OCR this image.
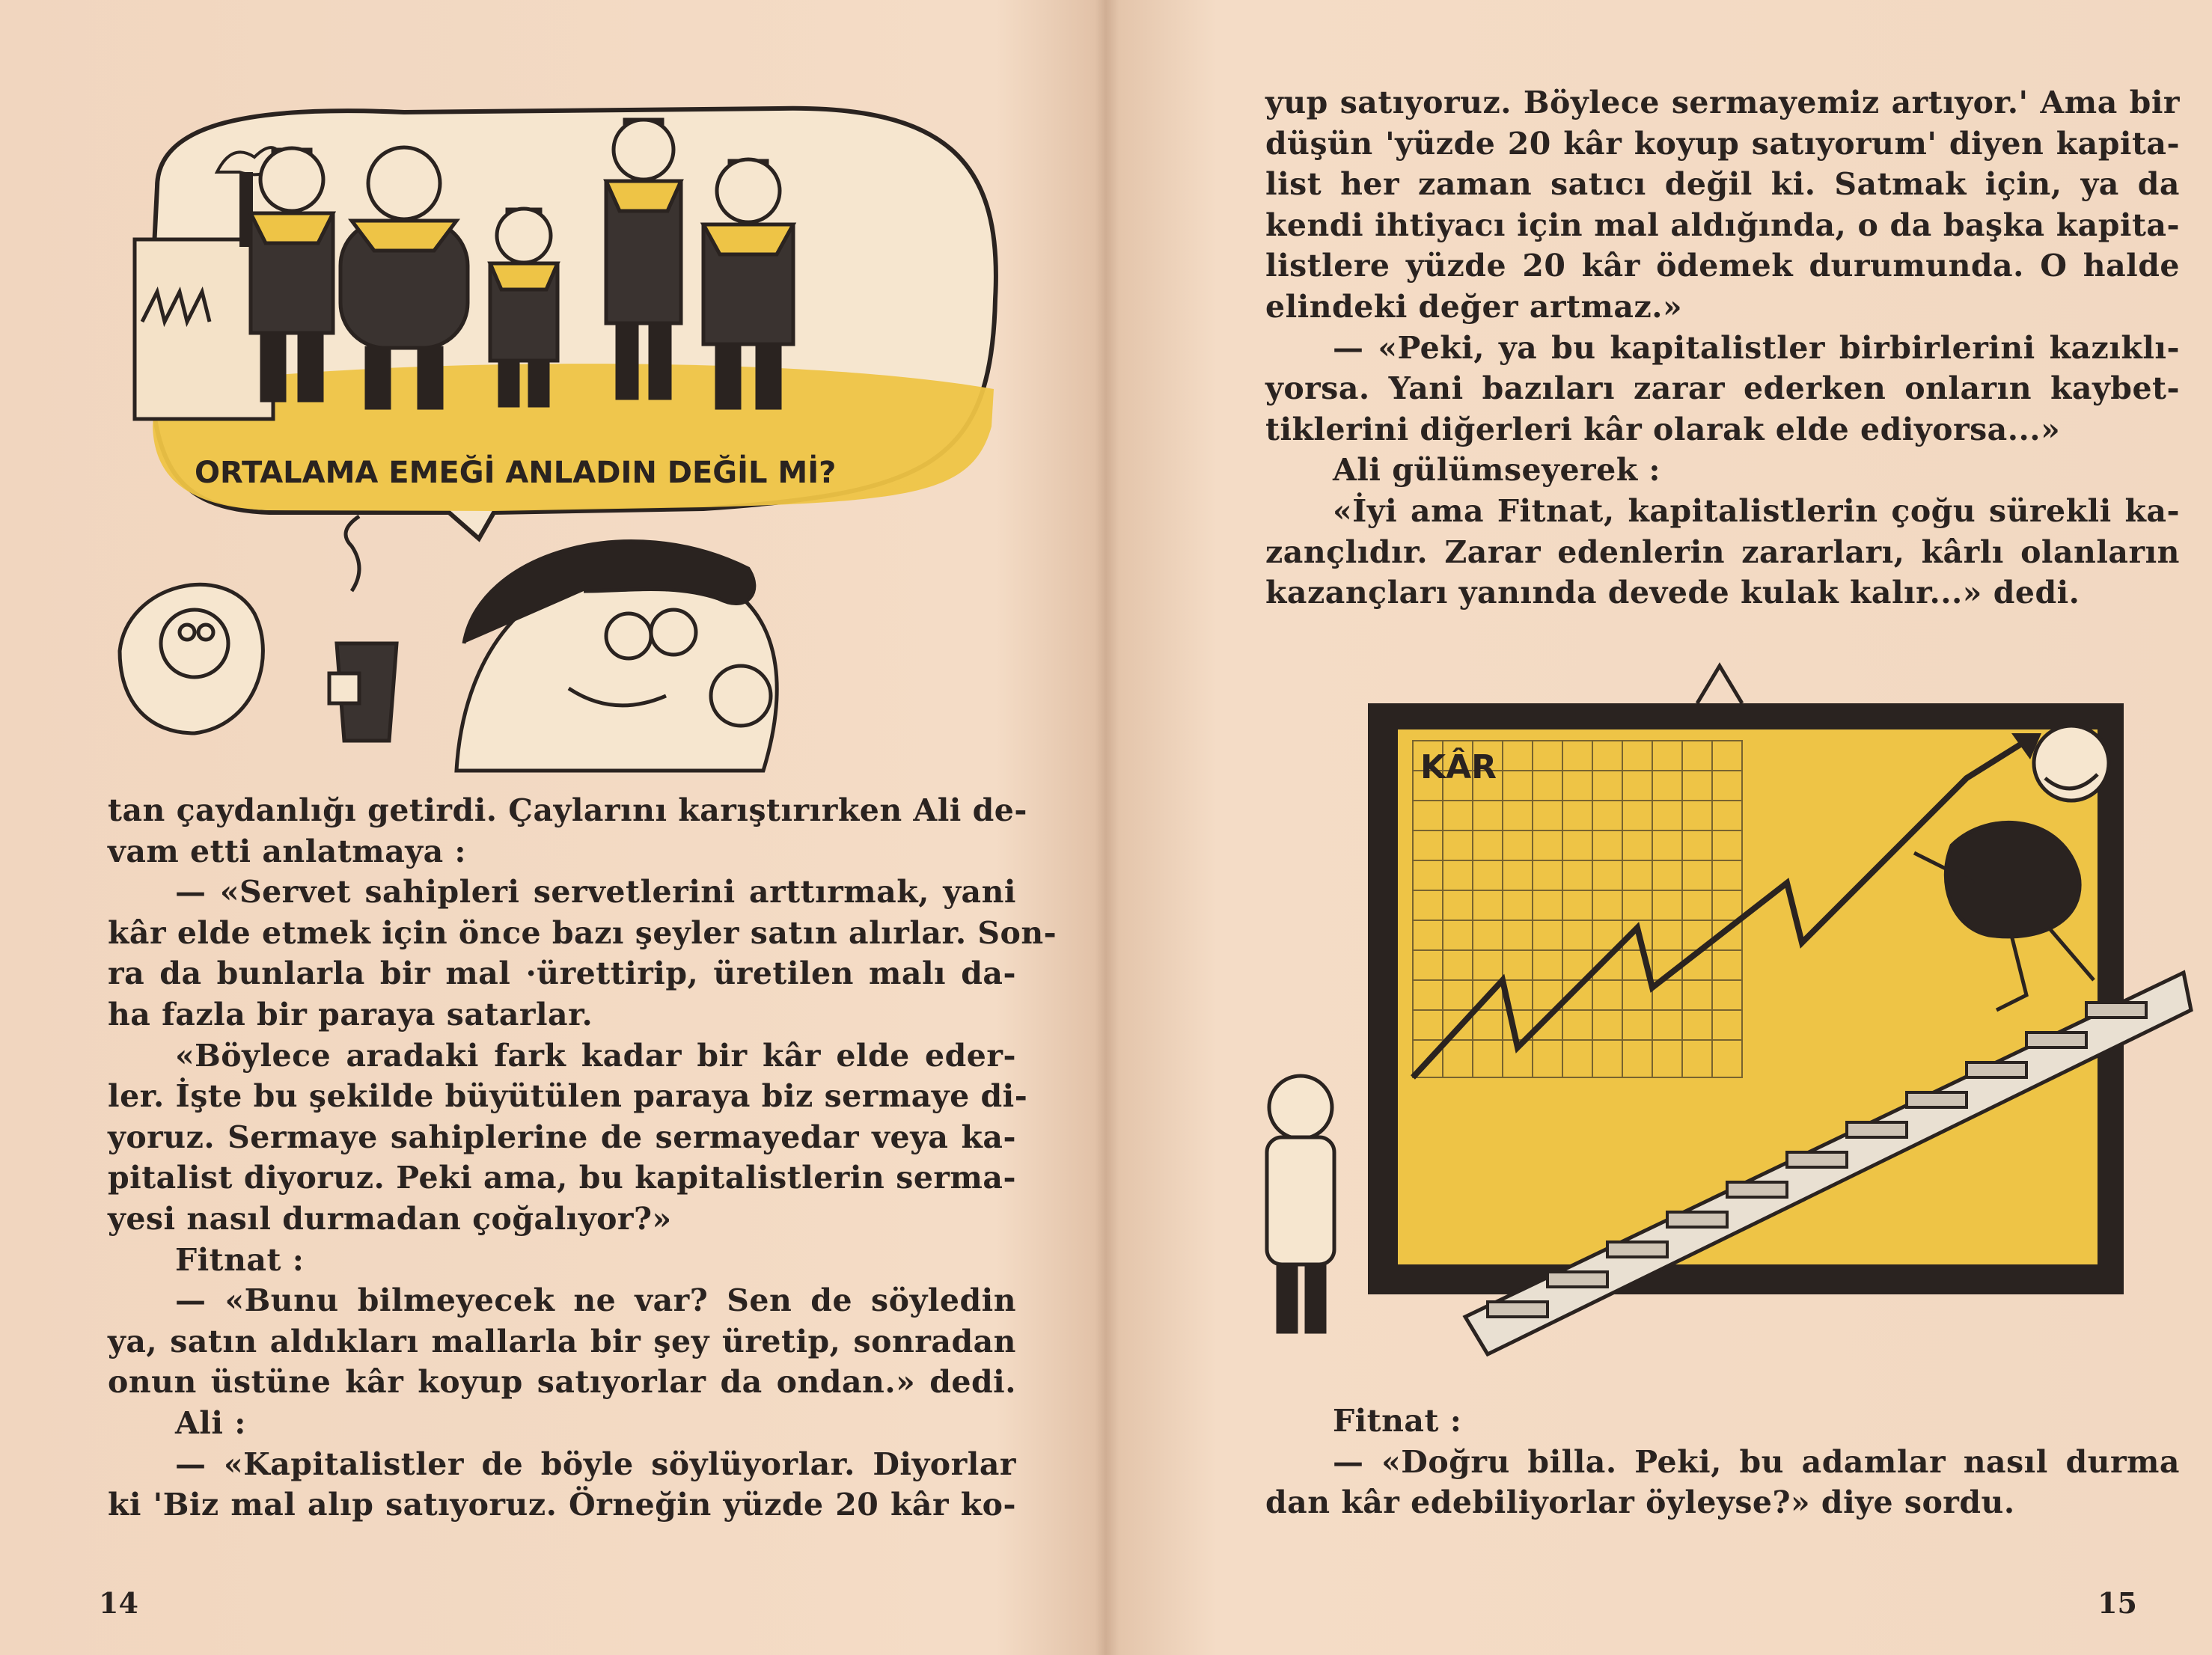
ORTALAMA EMEĞİ ANLADIN DEĞİL Mİ?

tan çaydanlığı getirdi. Çaylarını karıştırırken Ali de-

vam etti anlatmaya :

— «Servet sahipleri servetlerini arttırmak, yani

kâr elde etmek için önce bazı şeyler satın alırlar. Son-

ra da bunlarla bir mal ·ürettirip, üretilen malı da-

ha fazla bir paraya satarlar.

«Böylece aradaki fark kadar bir kâr elde eder-

ler. İşte bu şekilde büyütülen paraya biz sermaye di-

yoruz. Sermaye sahiplerine de sermayedar veya ka-

pitalist diyoruz. Peki ama, bu kapitalistlerin serma-

yesi nasıl durmadan çoğalıyor?»

Fitnat :

— «Bunu bilmeyecek ne var? Sen de söyledin

ya, satın aldıkları mallarla bir şey üretip, sonradan

onun üstüne kâr koyup satıyorlar da ondan.» dedi.

Ali :

— «Kapitalistler de böyle söylüyorlar. Diyorlar

ki 'Biz mal alıp satıyoruz. Örneğin yüzde 20 kâr ko-

14

yup satıyoruz. Böylece sermayemiz artıyor.' Ama bir

düşün 'yüzde 20 kâr koyup satıyorum' diyen kapita-

list her zaman satıcı değil ki. Satmak için, ya da

kendi ihtiyacı için mal aldığında, o da başka kapita-

listlere yüzde 20 kâr ödemek durumunda. O halde

elindeki değer artmaz.»

— «Peki, ya bu kapitalistler birbirlerini kazıklı-

yorsa. Yani bazıları zarar ederken onların kaybet-

tiklerini diğerleri kâr olarak elde ediyorsa...»

Ali gülümseyerek :

«İyi ama Fitnat, kapitalistlerin çoğu sürekli ka-

zançlıdır. Zarar edenlerin zararları, kârlı olanların

kazançları yanında devede kulak kalır...» dedi.

KÂR

Fitnat :

— «Doğru billa. Peki, bu adamlar nasıl durma

dan kâr edebiliyorlar öyleyse?» diye sordu.

15
